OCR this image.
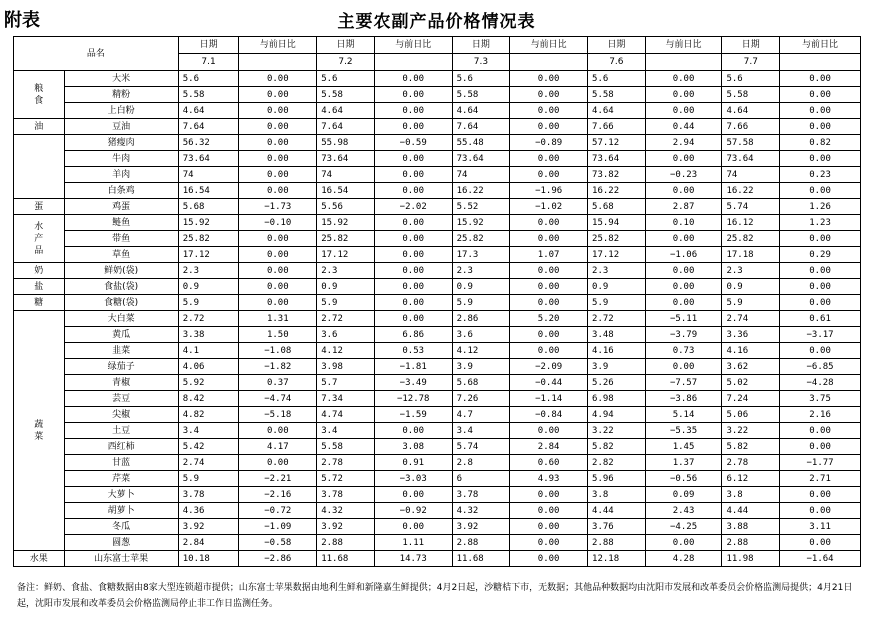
附表	主要农副产品价格情况表
品名		日期	与前日比	日期	与前日比	日期	与前日比	日期	与前日比	日期	与前日比
		7.1		7.2		7.3		7.6		7.7	
粮
食	大米	5.6	0.00	5.6	0.00	5.6	0.00	5.6	0.00	5.6	0.00
	精粉	5.58	0.00	5.58	0.00	5.58	0.00	5.58	0.00	5.58	0.00
	上白粉	4.64	0.00	4.64	0.00	4.64	0.00	4.64	0.00	4.64	0.00
油	豆油	7.64	0.00	7.64	0.00	7.64	0.00	7.66	0.44	7.66	0.00
	猪瘦肉	56.32	0.00	55.98	−0.59	55.48	−0.89	57.12	2.94	57.58	0.82
	牛肉	73.64	0.00	73.64	0.00	73.64	0.00	73.64	0.00	73.64	0.00
	羊肉	74	0.00	74	0.00	74	0.00	73.82	−0.23	74	0.23
	白条鸡	16.54	0.00	16.54	0.00	16.22	−1.96	16.22	0.00	16.22	0.00
蛋	鸡蛋	5.68	−1.73	5.56	−2.02	5.52	−1.02	5.68	2.87	5.74	1.26
水
产
品	鲢鱼	15.92	−0.10	15.92	0.00	15.92	0.00	15.94	0.10	16.12	1.23
	带鱼	25.82	0.00	25.82	0.00	25.82	0.00	25.82	0.00	25.82	0.00
	草鱼	17.12	0.00	17.12	0.00	17.3	1.07	17.12	−1.06	17.18	0.29
奶	鲜奶(袋)	2.3	0.00	2.3	0.00	2.3	0.00	2.3	0.00	2.3	0.00
盐	食盐(袋)	0.9	0.00	0.9	0.00	0.9	0.00	0.9	0.00	0.9	0.00
糖	食糖(袋)	5.9	0.00	5.9	0.00	5.9	0.00	5.9	0.00	5.9	0.00
蔬
菜	大白菜	2.72	1.31	2.72	0.00	2.86	5.20	2.72	−5.11	2.74	0.61
	黄瓜	3.38	1.50	3.6	6.86	3.6	0.00	3.48	−3.79	3.36	−3.17
	韭菜	4.1	−1.08	4.12	0.53	4.12	0.00	4.16	0.73	4.16	0.00
	绿茄子	4.06	−1.82	3.98	−1.81	3.9	−2.09	3.9	0.00	3.62	−6.85
	青椒	5.92	0.37	5.7	−3.49	5.68	−0.44	5.26	−7.57	5.02	−4.28
	芸豆	8.42	−4.74	7.34	−12.78	7.26	−1.14	6.98	−3.86	7.24	3.75
	尖椒	4.82	−5.18	4.74	−1.59	4.7	−0.84	4.94	5.14	5.06	2.16
	土豆	3.4	0.00	3.4	0.00	3.4	0.00	3.22	−5.35	3.22	0.00
	西红柿	5.42	4.17	5.58	3.08	5.74	2.84	5.82	1.45	5.82	0.00
	甘蓝	2.74	0.00	2.78	0.91	2.8	0.60	2.82	1.37	2.78	−1.77
	芹菜	5.9	−2.21	5.72	−3.03	6	4.93	5.96	−0.56	6.12	2.71
	大萝卜	3.78	−2.16	3.78	0.00	3.78	0.00	3.8	0.09	3.8	0.00
	胡萝卜	4.36	−0.72	4.32	−0.92	4.32	0.00	4.44	2.43	4.44	0.00
	冬瓜	3.92	−1.09	3.92	0.00	3.92	0.00	3.76	−4.25	3.88	3.11
	圆葱	2.84	−0.58	2.88	1.11	2.88	0.00	2.88	0.00	2.88	0.00
水果	山东富士苹果	10.18	−2.86	11.68	14.73	11.68	0.00	12.18	4.28	11.98	−1.64
备注：鲜奶、食盐、食糖数据由8家大型连锁超市提供；山东富士苹果数据由地利生鲜和新隆嘉生鲜提供；4月2日起，沙糖桔下市，无数据；其他品种数据均由沈阳市发展和改革委员会价格监测局提供；4月21日起，沈阳市发展和改革委员会价格监测局停止非工作日监测任务。
